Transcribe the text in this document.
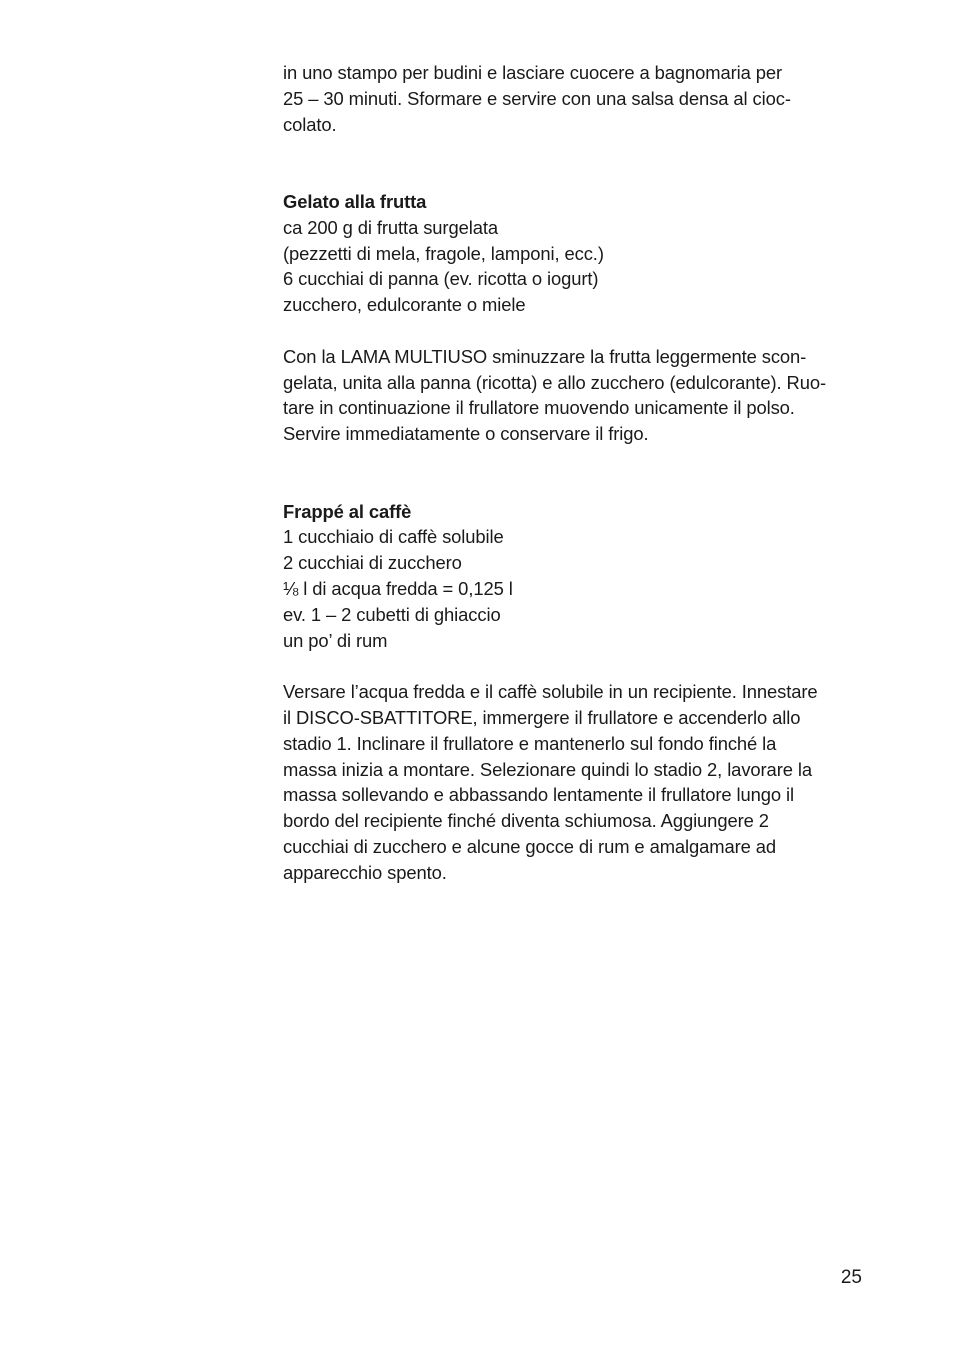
in uno stampo per budini e lasciare cuocere a bagnomaria per
25 – 30 minuti. Sformare e servire con una salsa densa al cioc-
colato.
Gelato alla frutta
ca 200 g di frutta surgelata
(pezzetti di mela, fragole, lamponi, ecc.)
6 cucchiai di panna (ev. ricotta o iogurt)
zucchero, edulcorante o miele
Con la LAMA MULTIUSO sminuzzare la frutta leggermente scon-
gelata, unita alla panna (ricotta) e allo zucchero (edulcorante). Ruo-
tare in continuazione il frullatore muovendo unicamente il polso.
Servire immediatamente o conservare il frigo.
Frappé al caffè
1 cucchiaio di caffè solubile
2 cucchiai di zucchero
⅛ l di acqua fredda = 0,125 l
ev. 1 – 2 cubetti di ghiaccio
un po’ di rum
Versare l’acqua fredda e il caffè solubile in un recipiente. Innestare
il DISCO-SBATTITORE, immergere il frullatore e accenderlo allo
stadio 1. Inclinare il frullatore e mantenerlo sul fondo finché la
massa inizia a montare. Selezionare quindi lo stadio 2, lavorare la
massa sollevando e abbassando lentamente il frullatore lungo il
bordo del recipiente finché diventa schiumosa. Aggiungere 2
cucchiai di zucchero e alcune gocce di rum e amalgamare ad
apparecchio spento.
25
